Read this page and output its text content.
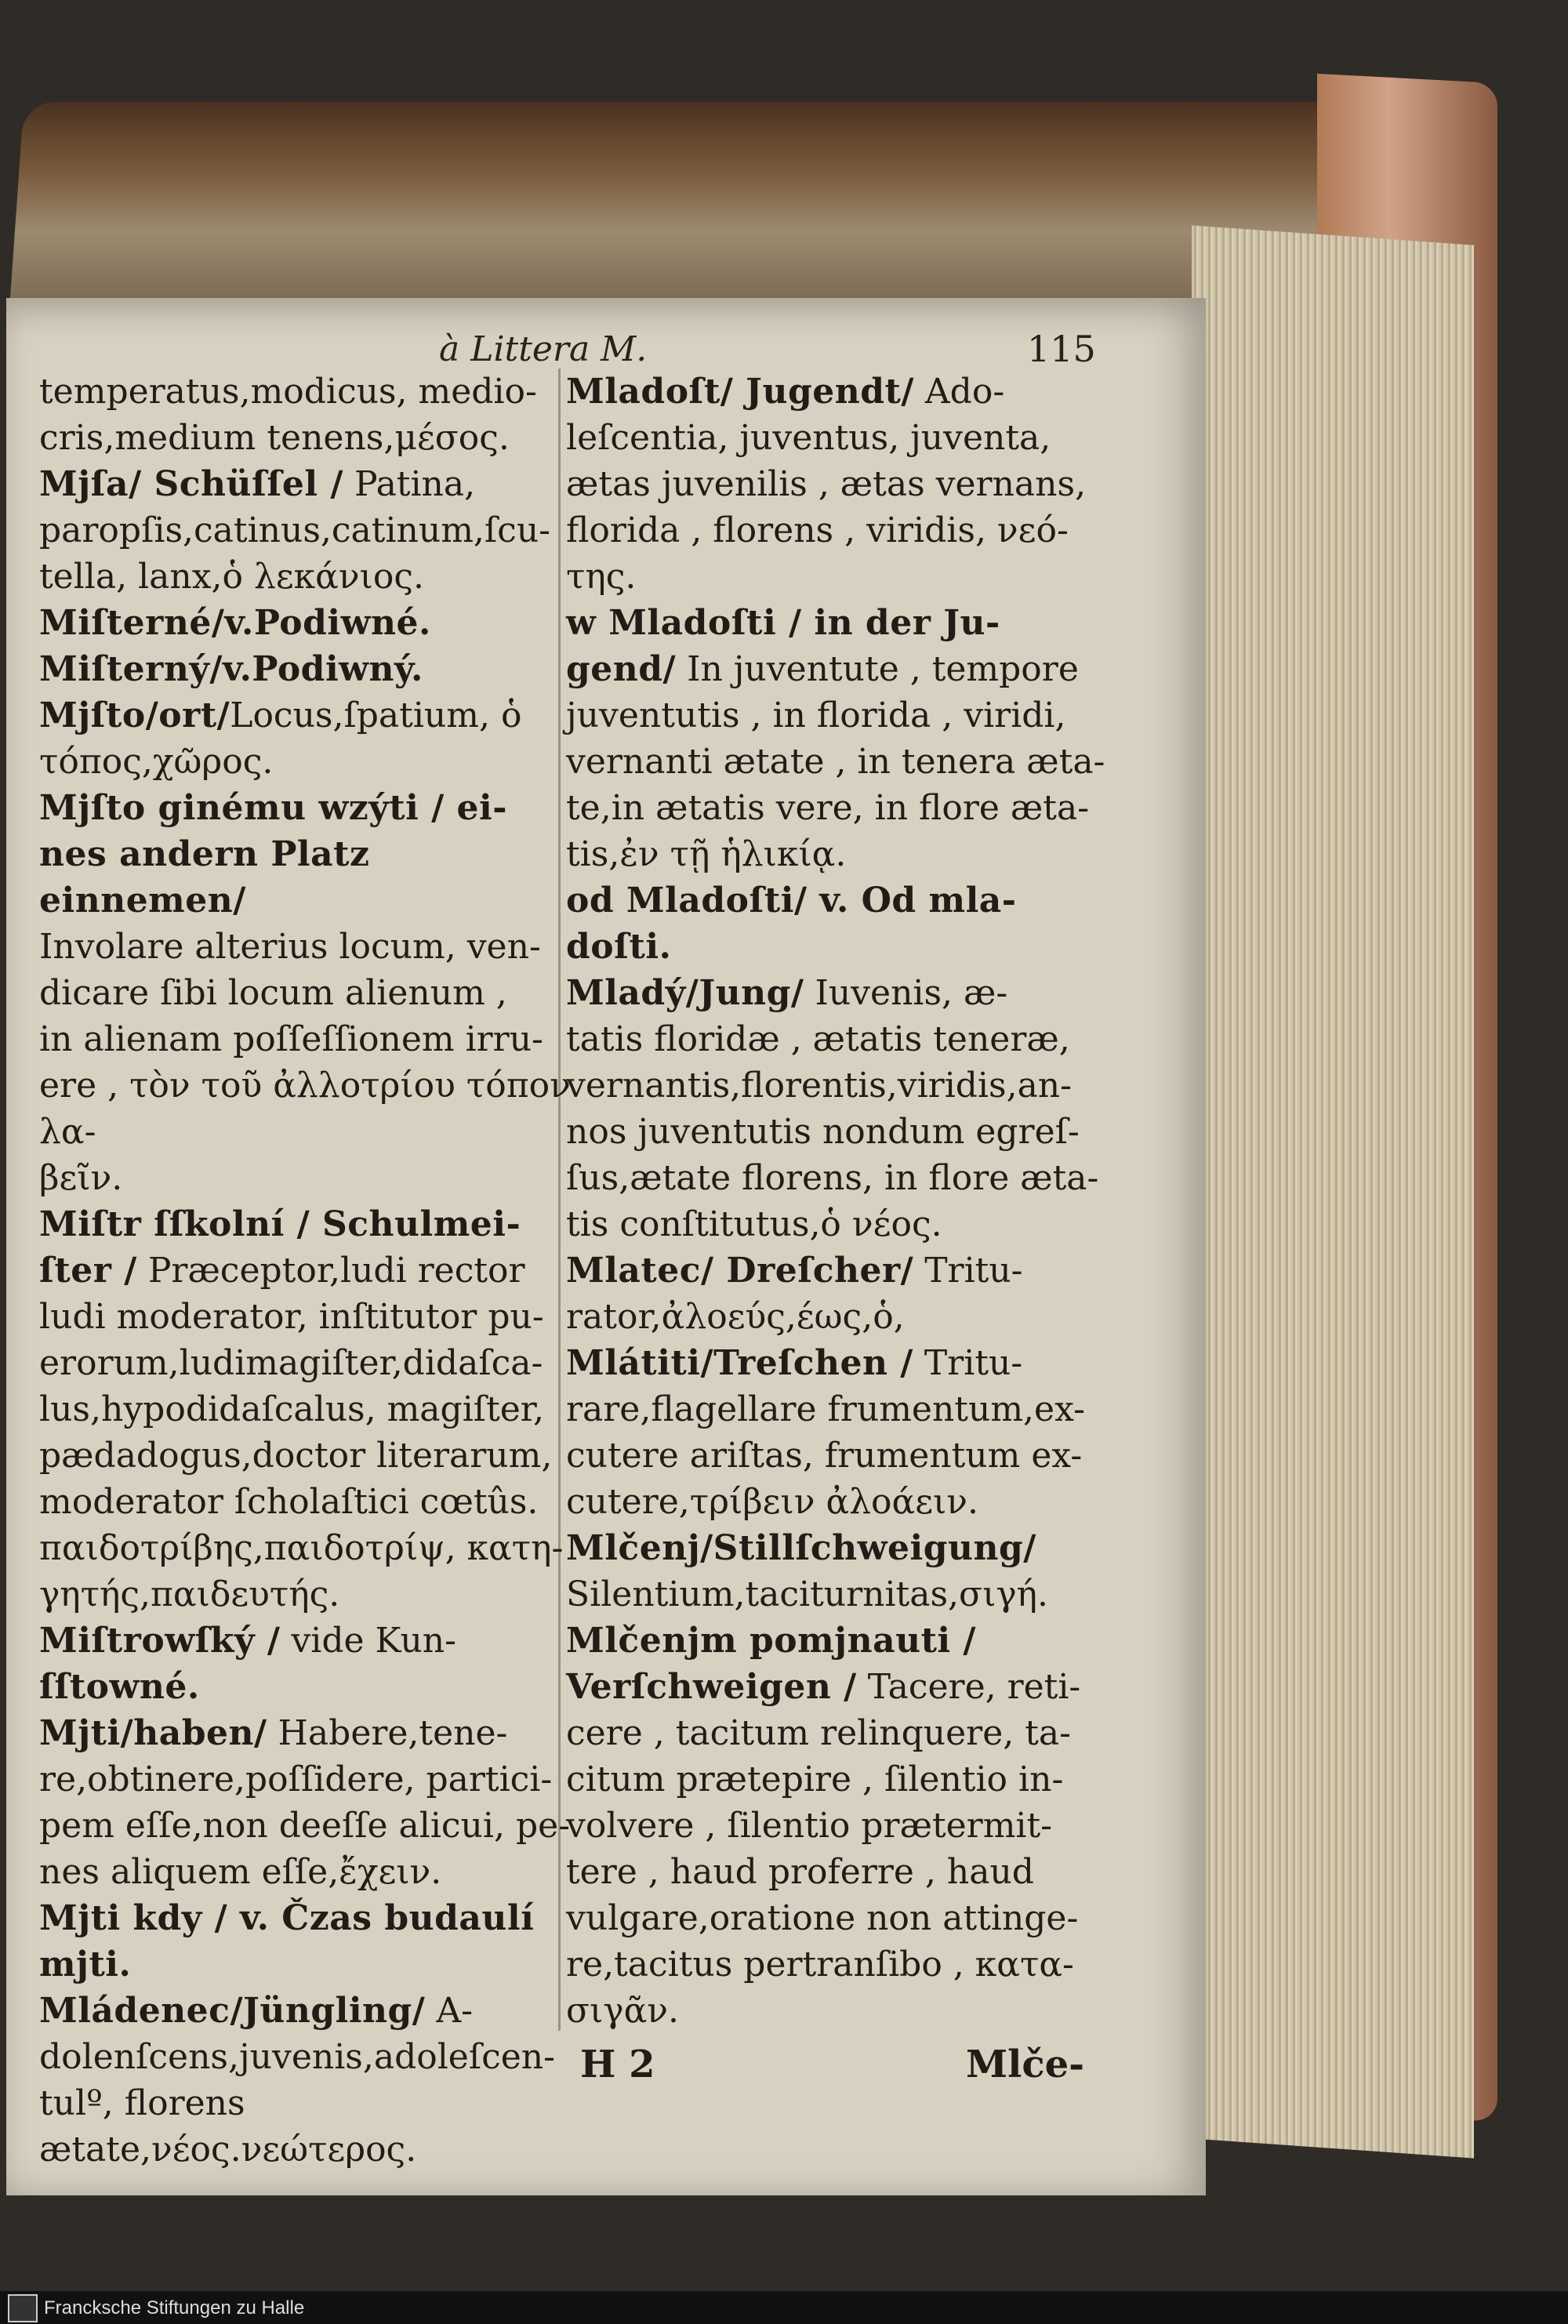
à Littera M.	115

temperatus,modicus, medio-

cris,medium tenens,μέσος.

Mjſa/ Schüſſel / Patina, paropſis,catinus,catinum,ſcu-

tella, lanx,ὁ λεκάνιος.

Miſterné/v.Podiwné.

Miſterný/v.Podiwný.

Mjſto/ort/Locus,ſpatium, ὁ τόπος,χῶρος.

Mjſto ginému wzýti / ei-

nes andern Platz einnemen/

Involare alterius locum, ven-

dicare ſibi locum alienum ,

in alienam poſſeſſionem irru-

ere , τὸν τοῦ ἀλλοτρίου τόπον λα-

βεῖν.

Miſtr ſſkolní / Schulmei-

ſter / Præceptor,ludi rector

ludi moderator, inſtitutor pu-

erorum,ludimagiſter,didaſca-

lus,hypodidaſcalus, magiſter,

pædadogus,doctor literarum,

moderator ſcholaſtici cœtûs.

παιδοτρίβης,παιδοτρίψ, κατη-

γητής,παιδευτής.

Miſtrowſký / vide Kun-

ſſtowné.

Mjti/haben/ Habere,tene-

re,obtinere,poſſidere, partici-

pem eſſe,non deeſſe alicui, pe-

nes aliquem eſſe,ἔχειν.

Mjti kdy / v. Čzas budaulí

mjti.

Mládenec/Jüngling/ A-

dolenſcens,juvenis,adoleſcen-

tulº, florens ætate,νέος.νεώτερος.

Mladoſt/ Jugendt/ Ado-

leſcentia, juventus, juventa,

ætas juvenilis , ætas vernans,

florida , florens , viridis, νεό-

της.

w Mladoſti / in der Ju-

gend/ In juventute , tempore

juventutis , in florida , viridi,

vernanti ætate , in tenera æta-

te,in ætatis vere, in flore æta-

tis,ἐν τῇ ἡλικίᾳ.

od Mladoſti/ v. Od mla-

doſti.

Mladý/Jung/ Iuvenis, æ-

tatis floridæ , ætatis teneræ,

vernantis,florentis,viridis,an-

nos juventutis nondum egreſ-

ſus,ætate florens, in flore æta-

tis conſtitutus,ὁ νέος.

Mlatec/ Dreſcher/ Tritu-

rator,ἀλοεύς,έως,ὁ,

Mlátiti/Treſchen / Tritu-

rare,flagellare frumentum,ex-

cutere ariſtas, frumentum ex-

cutere,τρίβειν ἀλοάειν.

Mlčenj/Stillſchweigung/

Silentium,taciturnitas,σιγή.

Mlčenjm pomjnauti /

Verſchweigen / Tacere, reti-

cere , tacitum relinquere, ta-

citum prætерire , ſilentio in-

volvere , ſilentio prætermit-

tere , haud proferre , haud

vulgare,oratione non attinge-

re,tacitus pertranſibo , κατα-

σιγᾶν.

H 2	Mlče-
Francksche Stiftungen zu Halle
